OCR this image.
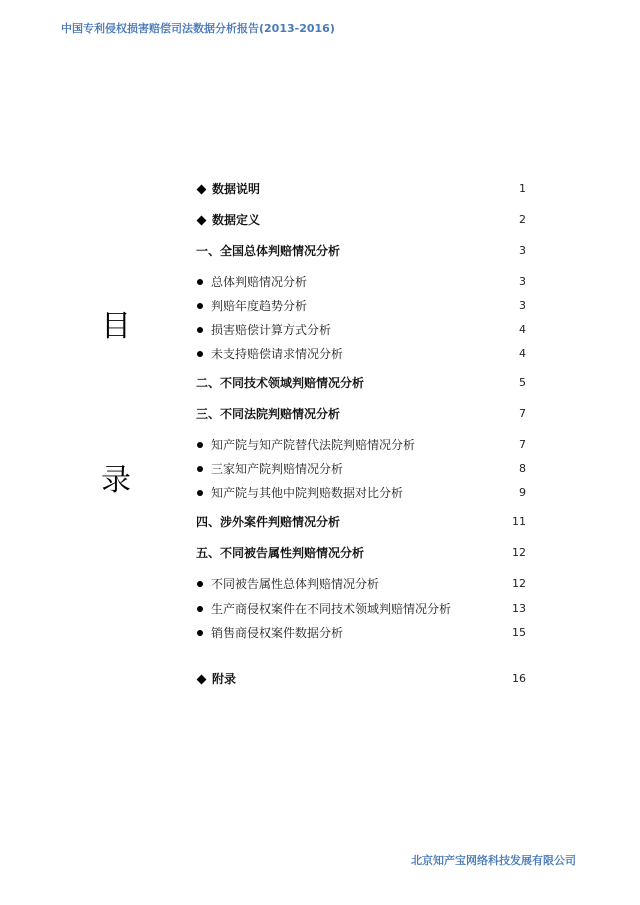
中国专利侵权损害赔偿司法数据分析报告(2013-2016)
目
录
数据说明	1
数据定义	2
一、全国总体判赔情况分析	3
总体判赔情况分析	3
判赔年度趋势分析	3
损害赔偿计算方式分析	4
未支持赔偿请求情况分析	4
二、不同技术领域判赔情况分析	5
三、不同法院判赔情况分析	7
知产院与知产院替代法院判赔情况分析	7
三家知产院判赔情况分析	8
知产院与其他中院判赔数据对比分析	9
四、涉外案件判赔情况分析	11
五、不同被告属性判赔情况分析	12
不同被告属性总体判赔情况分析	12
生产商侵权案件在不同技术领域判赔情况分析	13
销售商侵权案件数据分析	15
附录	16
北京知产宝网络科技发展有限公司
